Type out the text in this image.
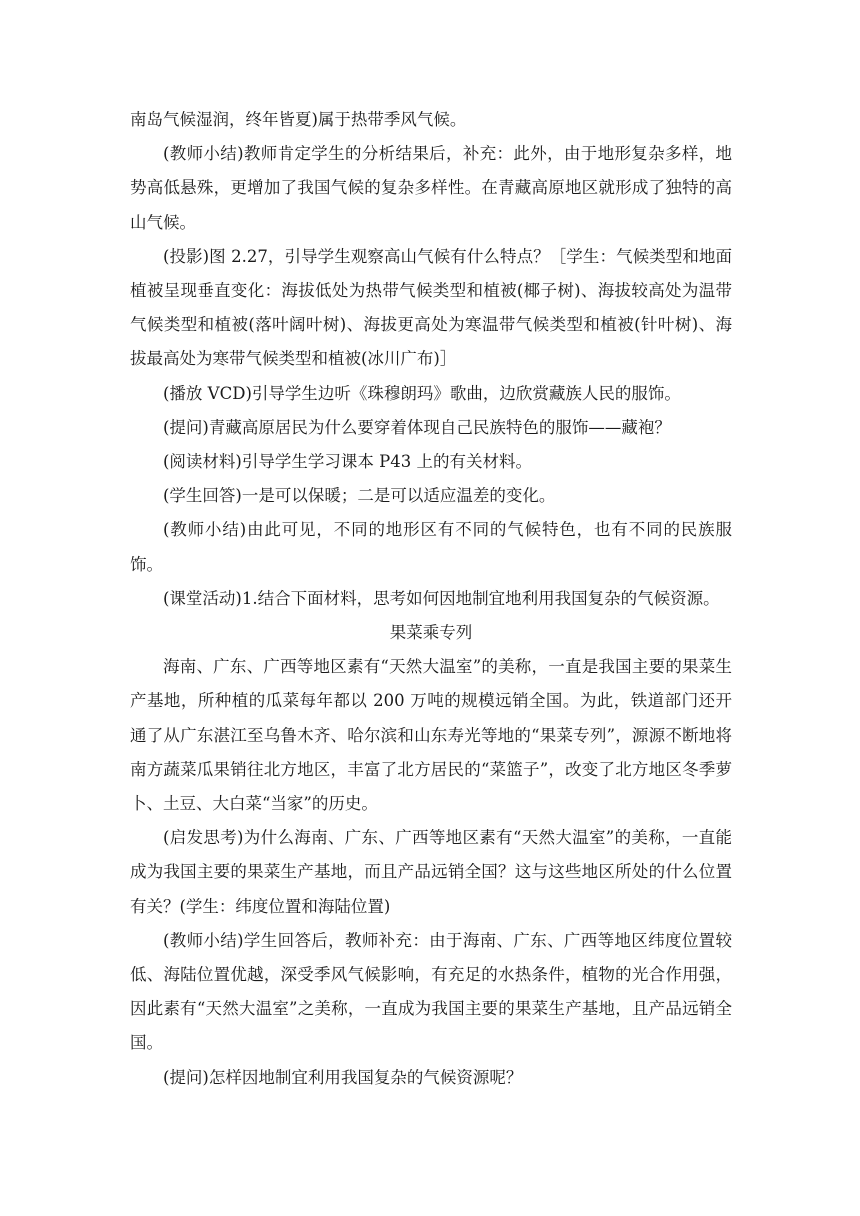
南岛气候湿润，终年皆夏)属于热带季风气候。

(教师小结)教师肯定学生的分析结果后，补充：此外，由于地形复杂多样，地势高低悬殊，更增加了我国气候的复杂多样性。在青藏高原地区就形成了独特的高山气候。

(投影)图 2.27，引导学生观察高山气候有什么特点？［学生：气候类型和地面植被呈现垂直变化：海拔低处为热带气候类型和植被(椰子树)、海拔较高处为温带气候类型和植被(落叶阔叶树)、海拔更高处为寒温带气候类型和植被(针叶树)、海拔最高处为寒带气候类型和植被(冰川广布)］

(播放 VCD)引导学生边听《珠穆朗玛》歌曲，边欣赏藏族人民的服饰。

(提问)青藏高原居民为什么要穿着体现自己民族特色的服饰——藏袍？

(阅读材料)引导学生学习课本 P43 上的有关材料。

(学生回答)一是可以保暖；二是可以适应温差的变化。

(教师小结)由此可见，不同的地形区有不同的气候特色，也有不同的民族服饰。

(课堂活动)1.结合下面材料，思考如何因地制宜地利用我国复杂的气候资源。

果菜乘专列

海南、广东、广西等地区素有“天然大温室”的美称，一直是我国主要的果菜生产基地，所种植的瓜菜每年都以 200 万吨的规模远销全国。为此，铁道部门还开通了从广东湛江至乌鲁木齐、哈尔滨和山东寿光等地的“果菜专列”，源源不断地将南方蔬菜瓜果销往北方地区，丰富了北方居民的“菜篮子”，改变了北方地区冬季萝卜、土豆、大白菜“当家”的历史。

(启发思考)为什么海南、广东、广西等地区素有“天然大温室”的美称，一直能成为我国主要的果菜生产基地，而且产品远销全国？这与这些地区所处的什么位置有关？(学生：纬度位置和海陆位置)

(教师小结)学生回答后，教师补充：由于海南、广东、广西等地区纬度位置较低、海陆位置优越，深受季风气候影响，有充足的水热条件，植物的光合作用强，因此素有“天然大温室”之美称，一直成为我国主要的果菜生产基地，且产品远销全国。

(提问)怎样因地制宜利用我国复杂的气候资源呢？
